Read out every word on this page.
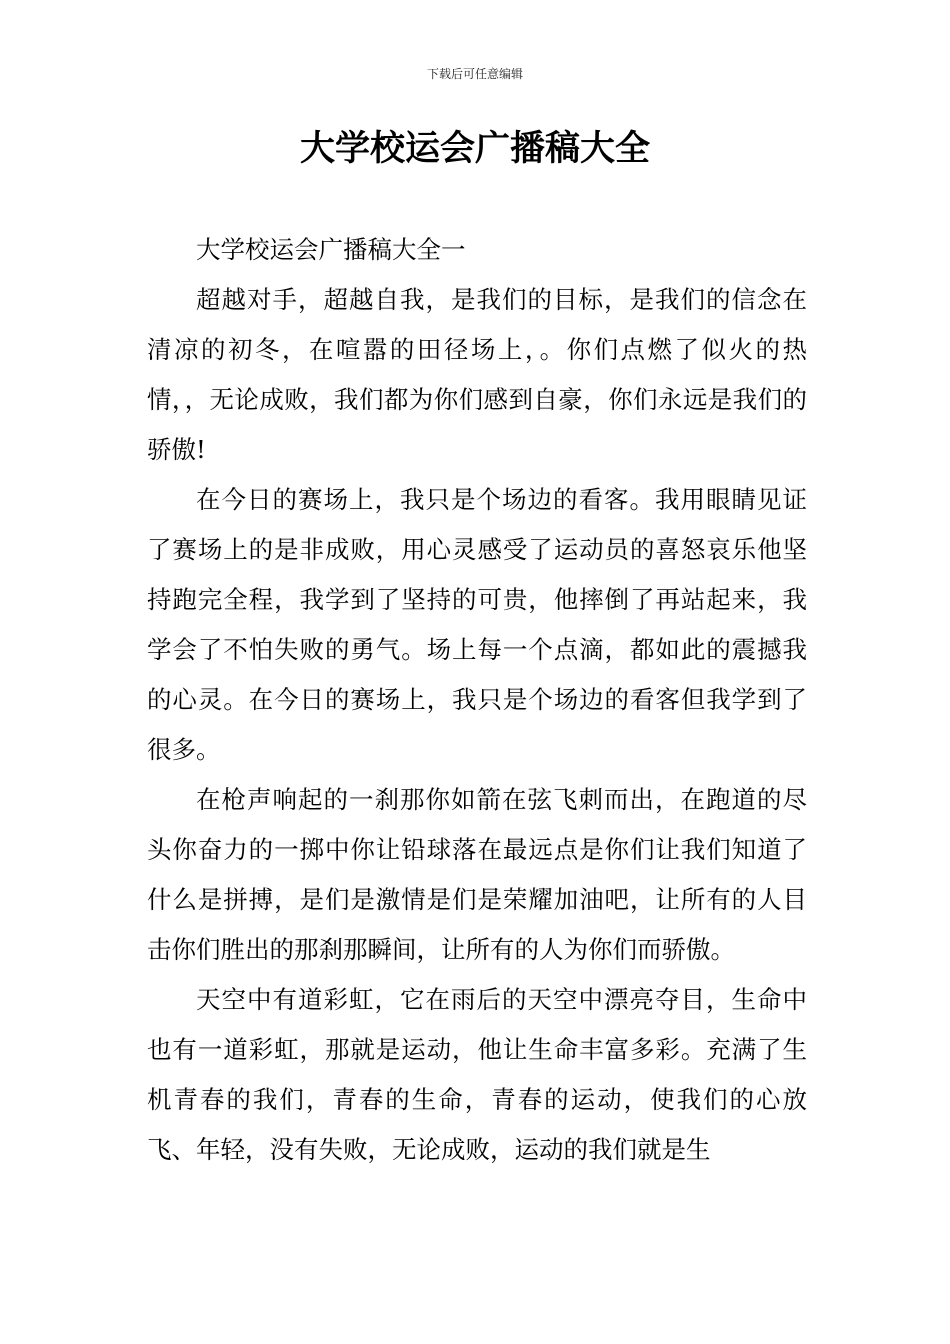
下载后可任意编辑
大学校运会广播稿大全

大学校运会广播稿大全一

超越对手，超越自我，是我们的目标，是我们的信念在清凉的初冬，在喧嚣的田径场上，。你们点燃了似火的热情，，无论成败，我们都为你们感到自豪，你们永远是我们的骄傲!

在今日的赛场上，我只是个场边的看客。我用眼睛见证了赛场上的是非成败，用心灵感受了运动员的喜怒哀乐他坚持跑完全程，我学到了坚持的可贵，他摔倒了再站起来，我学会了不怕失败的勇气。场上每一个点滴，都如此的震撼我的心灵。在今日的赛场上，我只是个场边的看客但我学到了很多。

在枪声响起的一刹那你如箭在弦飞刺而出，在跑道的尽头你奋力的一掷中你让铅球落在最远点是你们让我们知道了什么是拼搏，是们是激情是们是荣耀加油吧，让所有的人目击你们胜出的那刹那瞬间，让所有的人为你们而骄傲。

天空中有道彩虹，它在雨后的天空中漂亮夺目，生命中也有一道彩虹，那就是运动，他让生命丰富多彩。充满了生机青春的我们，青春的生命，青春的运动，使我们的心放飞、年轻，没有失败，无论成败，运动的我们就是生
